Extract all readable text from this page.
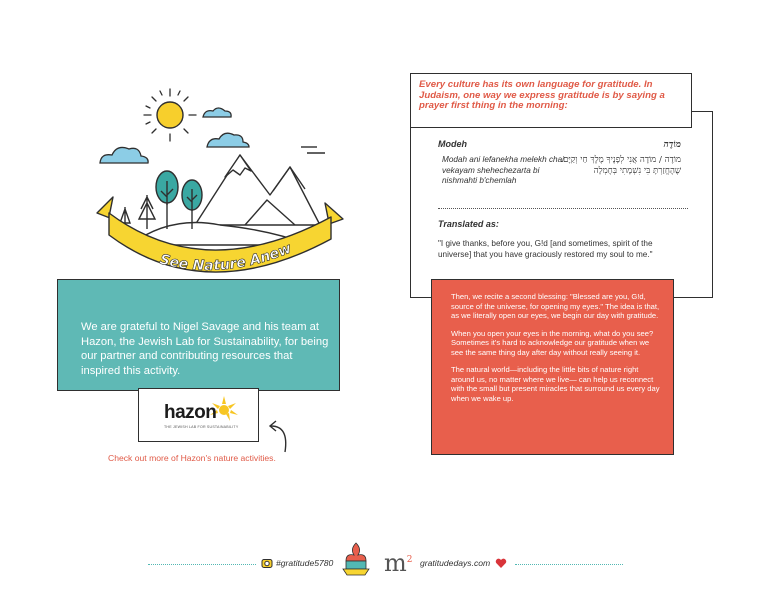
See Nature Anew
We are grateful to Nigel Savage and his team at Hazon, the Jewish Lab for Sustainability, for being our partner and contributing resources that inspired this activity.
hazon
THE JEWISH LAB FOR SUSTAINABILITY
Check out more of Hazon's nature activities.
Modeh	מוֹדֶה
Modah ani lefanekha melekh chai vekayam shehechezarta bi nishmahti b'chemlah
מוֹדֶה / מוֹדָה אֲנִי לְפָנֶיךָ מֶלֶךְ חַי וְקַיָּם. שֶׁהֶחֱזַרְתָּ בִּי נִשְׁמָתִי בְּחֶמְלָה
Translated as:
"I give thanks, before you, G!d [and sometimes, spirit of the universe] that you have graciously restored my soul to me."
Every culture has its own language for gratitude. In Judaism, one way we express gratitude is by saying a prayer first thing in the morning:

Then, we recite a second blessing: "Blessed are you, G!d, source of the universe, for opening my eyes." The idea is that, as we literally open our eyes, we begin our day with gratitude.

When you open your eyes in the morning, what do you see? Sometimes it's hard to acknowledge our gratitude when we see the same thing day after day without really seeing it.

The natural world—including the little bits of nature right around us, no matter where we live— can help us reconnect with the small but present miracles that surround us every day when we wake up.

#gratitude5780 $m^2$ gratitudedays.com
